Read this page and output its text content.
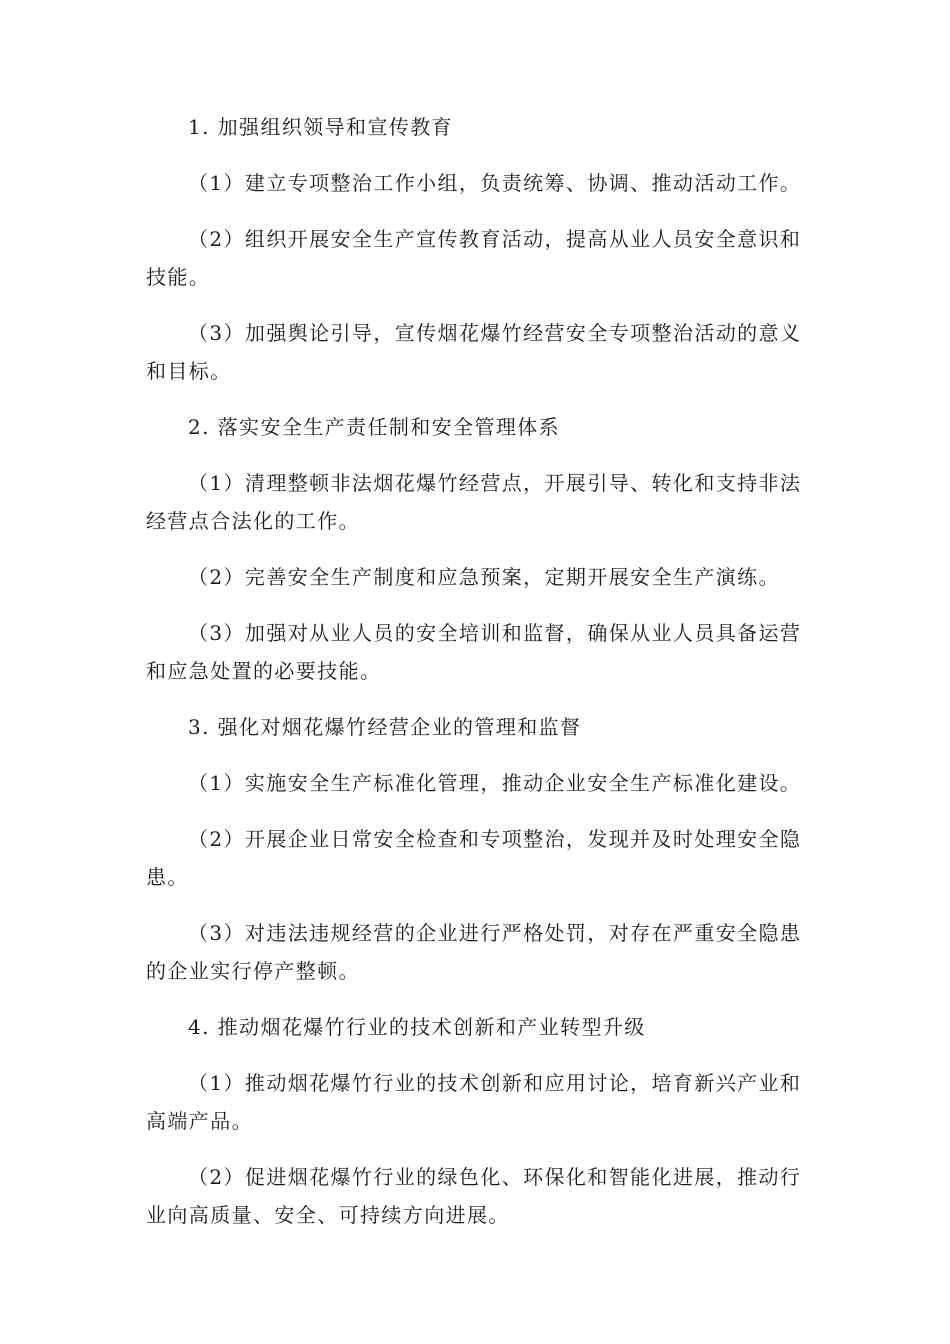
1. 加强组织领导和宣传教育

（1）建立专项整治工作小组，负责统筹、协调、推动活动工作。

（2）组织开展安全生产宣传教育活动，提高从业人员安全意识和技能。

（3）加强舆论引导，宣传烟花爆竹经营安全专项整治活动的意义和目标。

2. 落实安全生产责任制和安全管理体系

（1）清理整顿非法烟花爆竹经营点，开展引导、转化和支持非法经营点合法化的工作。

（2）完善安全生产制度和应急预案，定期开展安全生产演练。

（3）加强对从业人员的安全培训和监督，确保从业人员具备运营和应急处置的必要技能。

3. 强化对烟花爆竹经营企业的管理和监督

（1）实施安全生产标准化管理，推动企业安全生产标准化建设。

（2）开展企业日常安全检查和专项整治，发现并及时处理安全隐患。

（3）对违法违规经营的企业进行严格处罚，对存在严重安全隐患的企业实行停产整顿。

4. 推动烟花爆竹行业的技术创新和产业转型升级

（1）推动烟花爆竹行业的技术创新和应用讨论，培育新兴产业和高端产品。

（2）促进烟花爆竹行业的绿色化、环保化和智能化进展，推动行业向高质量、安全、可持续方向进展。
